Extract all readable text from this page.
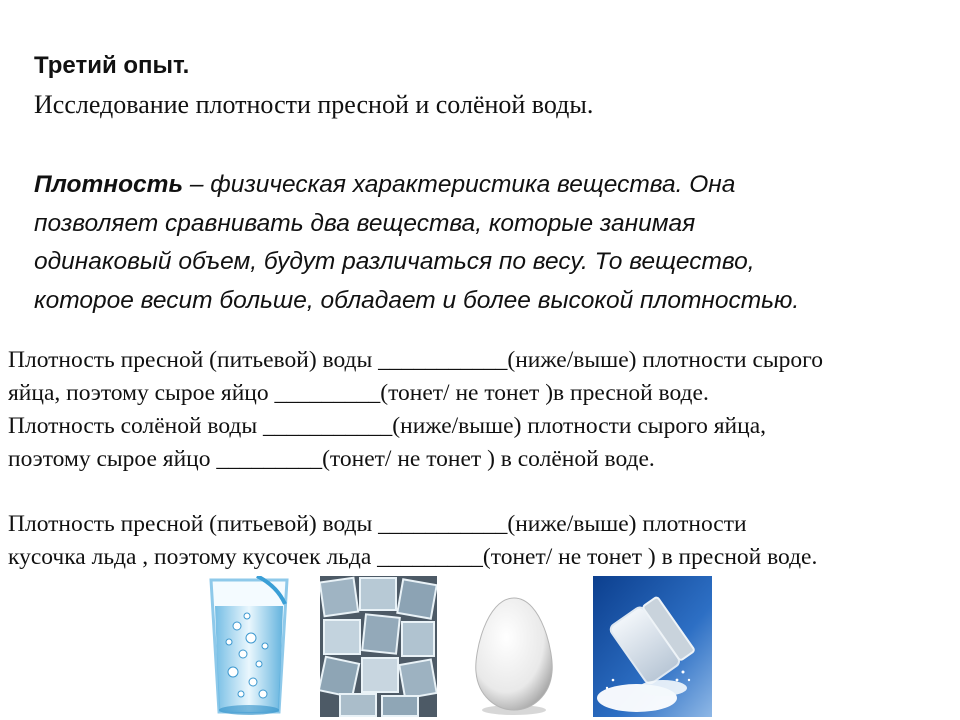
Третий опыт.
Исследование плотности пресной и солёной воды.
Плотность – физическая характеристика вещества. Она
позволяет сравнивать два вещества, которые занимая
одинаковый объем, будут различаться по весу. То вещество,
которое весит больше, обладает и более высокой плотностью.
Плотность пресной (питьевой) воды ___________(ниже/выше) плотности сырого
яйца, поэтому сырое яйцо _________(тонет/ не тонет )в пресной воде.
Плотность солёной воды ___________(ниже/выше) плотности сырого яйца,
поэтому сырое яйцо _________(тонет/ не тонет ) в солёной воде.
Плотность пресной (питьевой) воды ___________(ниже/выше) плотности
кусочка льда , поэтому кусочек льда _________(тонет/ не тонет ) в пресной воде.
